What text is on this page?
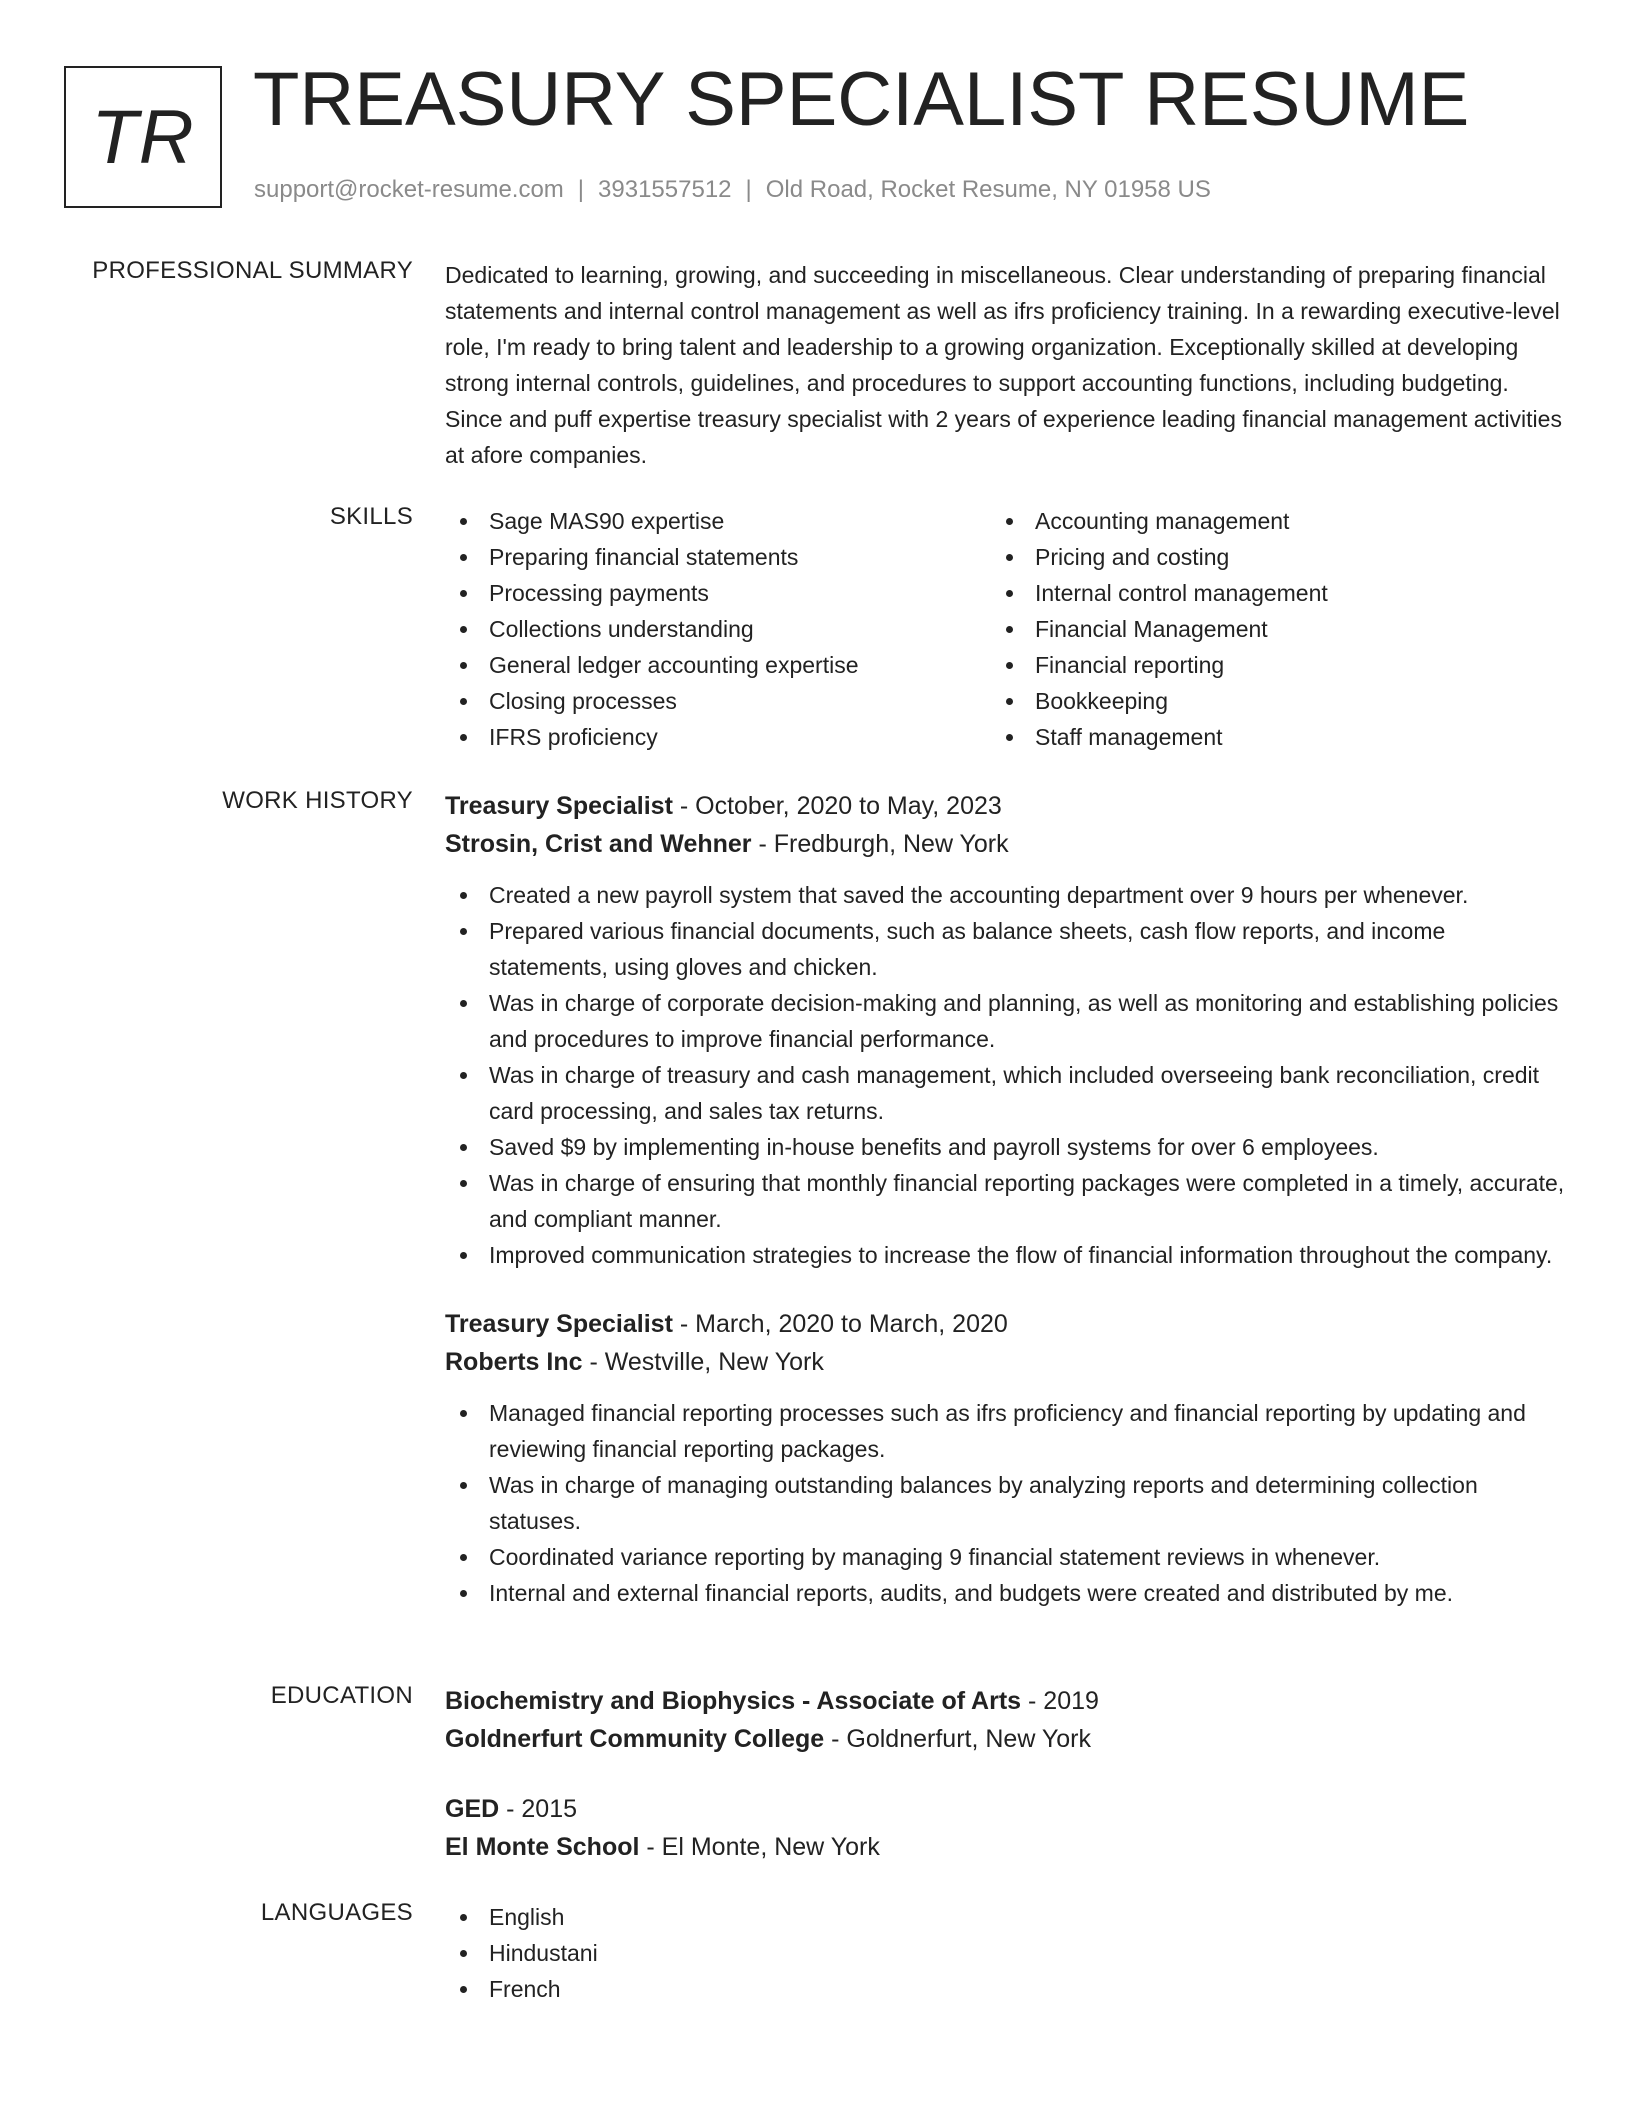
TR TREASURY SPECIALIST RESUME
support@rocket-resume.com | 3931557512 | Old Road, Rocket Resume, NY 01958 US
PROFESSIONAL SUMMARY Dedicated to learning, growing, and succeeding in miscellaneous. Clear understanding of preparing financial statements and internal control management as well as ifrs proficiency training. In a rewarding executive-level role, I'm ready to bring talent and leadership to a growing organization. Exceptionally skilled at developing strong internal controls, guidelines, and procedures to support accounting functions, including budgeting. Since and puff expertise treasury specialist with 2 years of experience leading financial management activities at afore companies.
SKILLS	Sage MAS90 expertise
Preparing financial statements
Processing payments
Collections understanding
General ledger accounting expertise
Closing processes
IFRS proficiency
Accounting management
Pricing and costing
Internal control management
Financial Management
Financial reporting
Bookkeeping
Staff management
WORK HISTORY Treasury Specialist - October, 2020 to May, 2023
Strosin, Crist and Wehner - Fredburgh, New York
Created a new payroll system that saved the accounting department over 9 hours per whenever.
Prepared various financial documents, such as balance sheets, cash flow reports, and income statements, using gloves and chicken.
Was in charge of corporate decision-making and planning, as well as monitoring and establishing policies and procedures to improve financial performance.
Was in charge of treasury and cash management, which included overseeing bank reconciliation, credit card processing, and sales tax returns.
Saved $9 by implementing in-house benefits and payroll systems for over 6 employees.
Was in charge of ensuring that monthly financial reporting packages were completed in a timely, accurate, and compliant manner.
Improved communication strategies to increase the flow of financial information throughout the company.
Treasury Specialist - March, 2020 to March, 2020
Roberts Inc - Westville, New York
Managed financial reporting processes such as ifrs proficiency and financial reporting by updating and reviewing financial reporting packages.
Was in charge of managing outstanding balances by analyzing reports and determining collection statuses.
Coordinated variance reporting by managing 9 financial statement reviews in whenever.
Internal and external financial reports, audits, and budgets were created and distributed by me.
EDUCATION Biochemistry and Biophysics - Associate of Arts - 2019
Goldnerfurt Community College - Goldnerfurt, New York
GED - 2015
El Monte School - El Monte, New York
LANGUAGES	English
Hindustani
French
